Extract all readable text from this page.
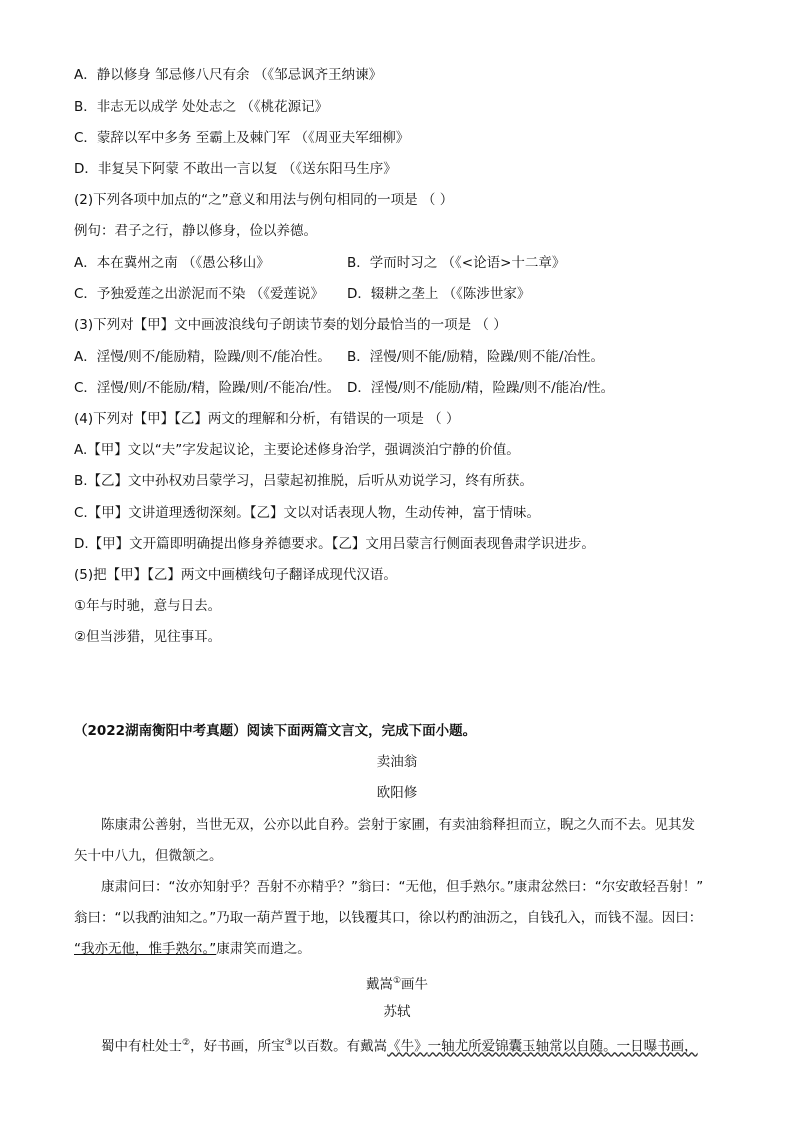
A．静以修身 邹忌修八尺有余 （《邹忌讽齐王纳谏》
B．非志无以成学 处处志之 （《桃花源记》
C．蒙辞以军中多务 至霸上及棘门军 （《周亚夫军细柳》
D．非复吴下阿蒙 不敢出一言以复 （《送东阳马生序》
(2)下列各项中加点的“之”意义和用法与例句相同的一项是 （ ）
例句：君子之行，静以修身，俭以养德。
A．本在冀州之南 （《愚公移山》	B．学而时习之 （《<论语>十二章》
C．予独爱莲之出淤泥而不染 （《爱莲说》 D．辍耕之垄上 （《陈涉世家》
(3)下列对【甲】文中画波浪线句子朗读节奏的划分最恰当的一项是 （ ）
A．淫慢/则不/能励精，险躁/则不/能冶性。 B．淫慢/则不能/励精，险躁/则不能/冶性。
C．淫慢/则/不能励/精，险躁/则/不能冶/性。 D．淫慢/则不/能励/精，险躁/则不/能冶/性。
(4)下列对【甲】【乙】两文的理解和分析，有错误的一项是 （ ）
A.【甲】文以“夫”字发起议论，主要论述修身治学，强调淡泊宁静的价值。
B.【乙】文中孙权劝吕蒙学习，吕蒙起初推脱，后听从劝说学习，终有所获。
C.【甲】文讲道理透彻深刻。【乙】文以对话表现人物，生动传神，富于情味。
D.【甲】文开篇即明确提出修身养德要求。【乙】文用吕蒙言行侧面表现鲁肃学识进步。
(5)把【甲】【乙】两文中画横线句子翻译成现代汉语。
①年与时驰，意与日去。
②但当涉猎，见往事耳。
（2022湖南衡阳中考真题）阅读下面两篇文言文，完成下面小题。
卖油翁
欧阳修
陈康肃公善射，当世无双，公亦以此自矜。尝射于家圃，有卖油翁释担而立，睨之久而不去。见其发
矢十中八九，但微颔之。
康肃问曰：“汝亦知射乎？吾射不亦精乎？”翁曰：“无他，但手熟尔。”康肃忿然曰：“尔安敢轻吾射！”
翁曰：“以我酌油知之。”乃取一葫芦置于地，以钱覆其口，徐以杓酌油沥之，自钱孔入，而钱不湿。因曰：
“我亦无他，惟手熟尔。”康肃笑而遣之。
戴嵩①画牛
苏轼
蜀中有杜处士②，好书画，所宝③以百数。有戴嵩《牛》一轴尤所爱锦囊玉轴常以自随。一日曝书画，
